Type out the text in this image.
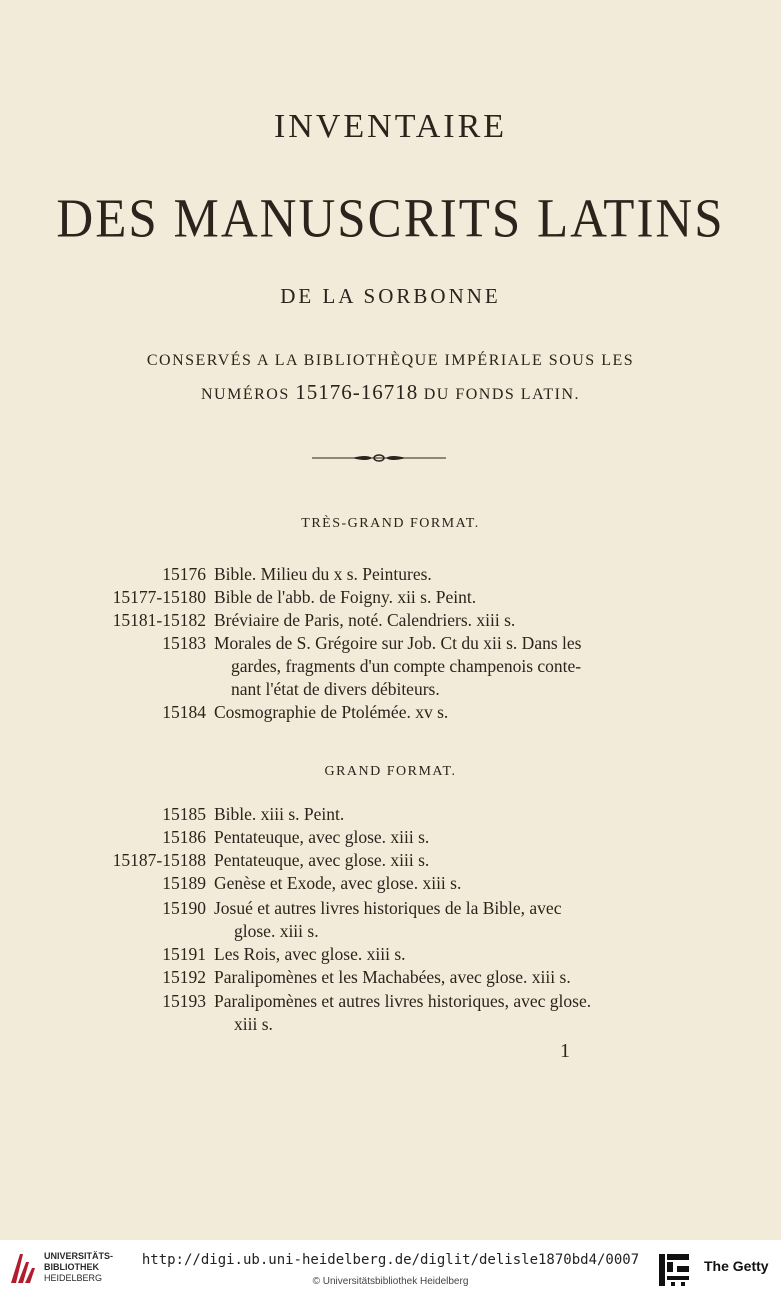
INVENTAIRE
DES MANUSCRITS LATINS
DE LA SORBONNE
CONSERVÉS A LA BIBLIOTHÈQUE IMPÉRIALE SOUS LES
NUMÉROS 15176-16718 DU FONDS LATIN.
TRÈS-GRAND FORMAT.
15176 Bible. Milieu du x s. Peintures.
15177-15180 Bible de l'abb. de Foigny. xii s. Peint.
15181-15182 Bréviaire de Paris, noté. Calendriers. xiii s.
15183 Morales de S. Grégoire sur Job. Ct du xii s. Dans les
gardes, fragments d'un compte champenois conte-
nant l'état de divers débiteurs.
15184 Cosmographie de Ptolémée. xv s.
GRAND FORMAT.
15185 Bible. xiii s. Peint.
15186 Pentateuque, avec glose. xiii s.
15187-15188 Pentateuque, avec glose. xiii s.
15189 Genèse et Exode, avec glose. xiii s.
15190 Josué et autres livres historiques de la Bible, avec
glose. xiii s.
15191 Les Rois, avec glose. xiii s.
15192 Paralipomènes et les Machabées, avec glose. xiii s.
15193 Paralipomènes et autres livres historiques, avec glose.
xiii s.
1
UNIVERSITÄTS-
BIBLIOTHEK
HEIDELBERG
http://digi.ub.uni-heidelberg.de/diglit/delisle1870bd4/0007
© Universitätsbibliothek Heidelberg
The Getty
